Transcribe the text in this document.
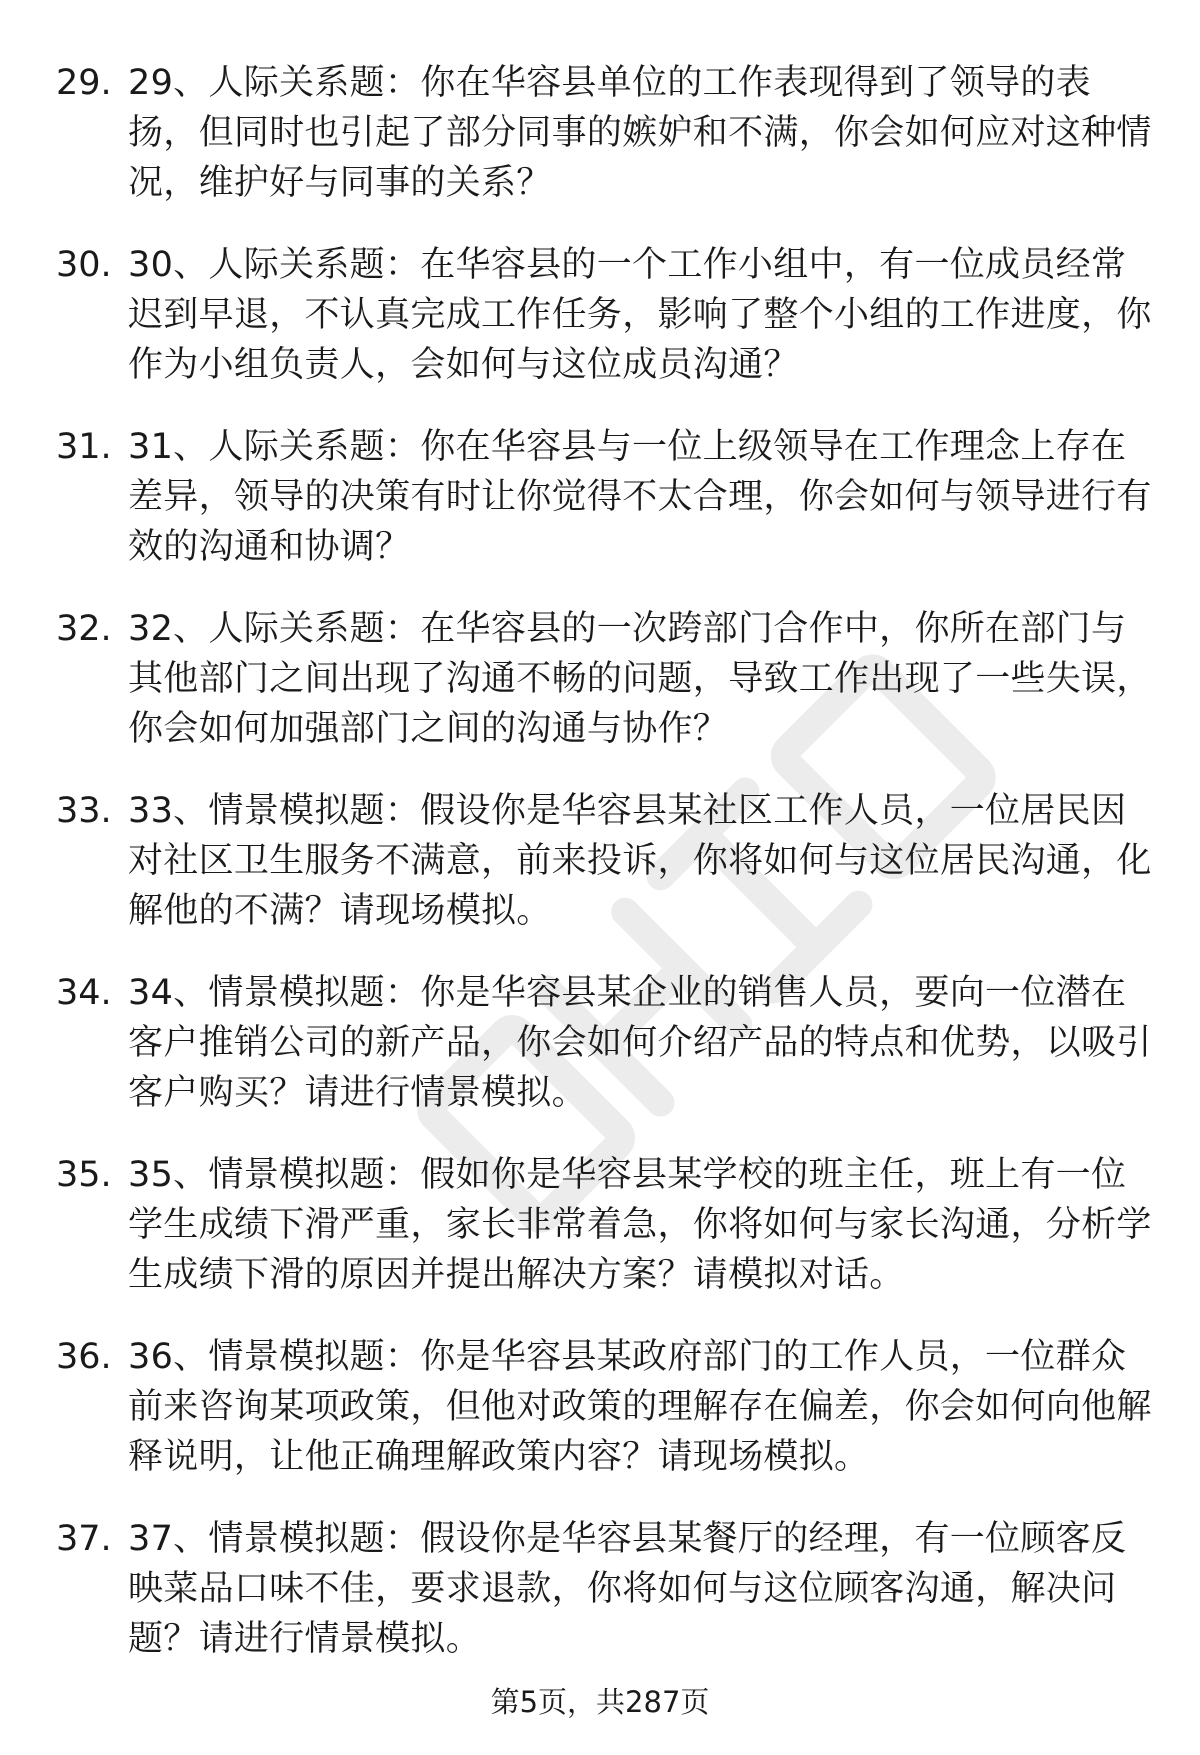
29. 29、人际关系题：你在华容县单位的工作表现得到了领导的表扬，但同时也引起了部分同事的嫉妒和不满，你会如何应对这种情况，维护好与同事的关系？
30. 30、人际关系题：在华容县的一个工作小组中，有一位成员经常迟到早退，不认真完成工作任务，影响了整个小组的工作进度，你作为小组负责人，会如何与这位成员沟通？
31. 31、人际关系题：你在华容县与一位上级领导在工作理念上存在差异，领导的决策有时让你觉得不太合理，你会如何与领导进行有效的沟通和协调？
32. 32、人际关系题：在华容县的一次跨部门合作中，你所在部门与其他部门之间出现了沟通不畅的问题，导致工作出现了一些失误，你会如何加强部门之间的沟通与协作？
33. 33、情景模拟题：假设你是华容县某社区工作人员，一位居民因对社区卫生服务不满意，前来投诉，你将如何与这位居民沟通，化解他的不满？请现场模拟。
34. 34、情景模拟题：你是华容县某企业的销售人员，要向一位潜在客户推销公司的新产品，你会如何介绍产品的特点和优势，以吸引客户购买？请进行情景模拟。
35. 35、情景模拟题：假如你是华容县某学校的班主任，班上有一位学生成绩下滑严重，家长非常着急，你将如何与家长沟通，分析学生成绩下滑的原因并提出解决方案？请模拟对话。
36. 36、情景模拟题：你是华容县某政府部门的工作人员，一位群众前来咨询某项政策，但他对政策的理解存在偏差，你会如何向他解释说明，让他正确理解政策内容？请现场模拟。
37. 37、情景模拟题：假设你是华容县某餐厅的经理，有一位顾客反映菜品口味不佳，要求退款，你将如何与这位顾客沟通，解决问题？请进行情景模拟。
第5页，共287页
